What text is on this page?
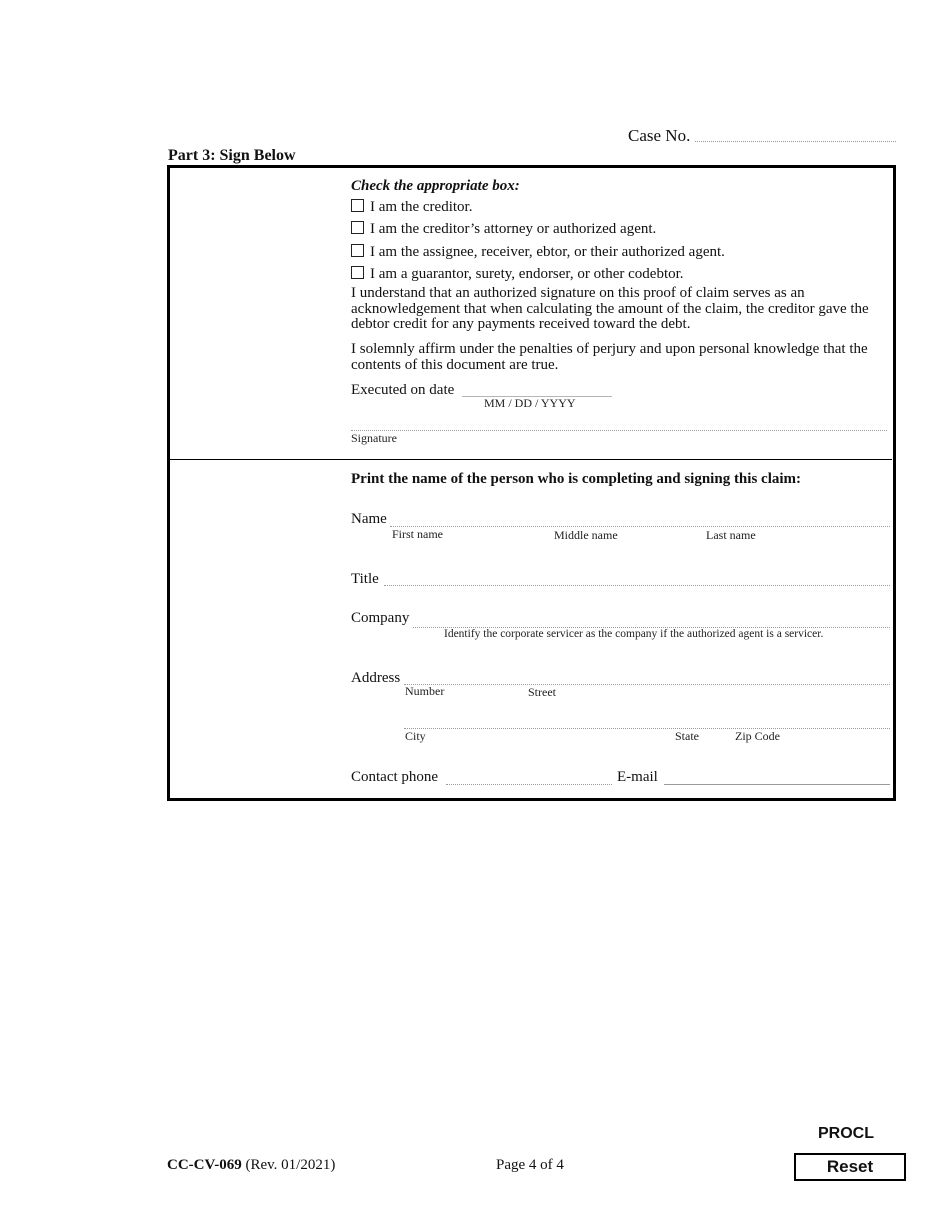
Case No.
Part 3: Sign Below
Check the appropriate box:
I am the creditor.
I am the creditor’s attorney or authorized agent.
I am the assignee, receiver, ebtor, or their authorized agent.
I am a guarantor, surety, endorser, or other codebtor.
I understand that an authorized signature on this proof of claim serves as an acknowledgement that when calculating the amount of the claim, the creditor gave the debtor credit for any payments received toward the debt.
I solemnly affirm under the penalties of perjury and upon personal knowledge that the contents of this document are true.
Executed on date
MM / DD / YYYY
Signature
Print the name of the person who is completing and signing this claim:
Name
First name	Middle name	Last name
Title
Company
Identify the corporate servicer as the company if the authorized agent is a servicer.
Address
Number	Street
City	State	Zip Code
Contact phone	E-mail
CC-CV-069 (Rev. 01/2021)	Page 4 of 4
PROCL
Reset
